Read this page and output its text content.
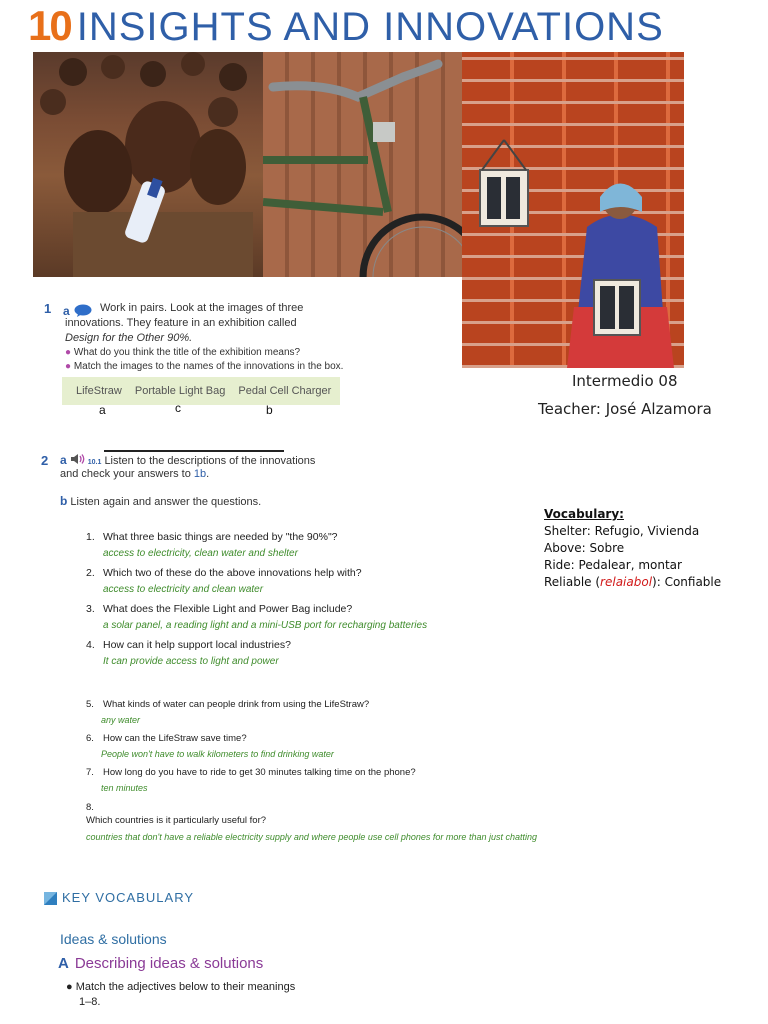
10 INSIGHTS AND INNOVATIONS
1 a	Work in pairs. Look at the images of three
innovations. They feature in an exhibition called
Design for the Other 90%.
● What do you think the title of the exhibition means?
● Match the images to the names of the innovations in the box.
LifeStraw Portable Light Bag Pedal Cell Charger
a	c	b
Intermedio 08
Teacher: José Alzamora
Vocabulary:
Shelter: Refugio, Vivienda
Above: Sobre
Ride: Pedalear, montar
Reliable (relaiabol): Confiable
2 a	10.1 Listen to the descriptions of the innovations
and check your answers to 1b.
b Listen again and answer the questions.
1. What three basic things are needed by "the 90%"?
access to electricity, clean water and shelter
2. Which two of these do the above innovations help with?
access to electricity and clean water
3. What does the Flexible Light and Power Bag include?
a solar panel, a reading light and a mini-USB port for recharging batteries
4. How can it help support local industries?
It can provide access to light and power
5. What kinds of water can people drink from using the LifeStraw?
any water
6. How can the LifeStraw save time?
People won't have to walk kilometers to find drinking water
7. How long do you have to ride to get 30 minutes talking time on the phone?
ten minutes
8.
Which countries is it particularly useful for?
countries that don't have a reliable electricity supply and where people use cell phones for more than just chatting
KEY VOCABULARY
Ideas & solutions
A Describing ideas & solutions
● Match the adjectives below to their meanings
1–8.
